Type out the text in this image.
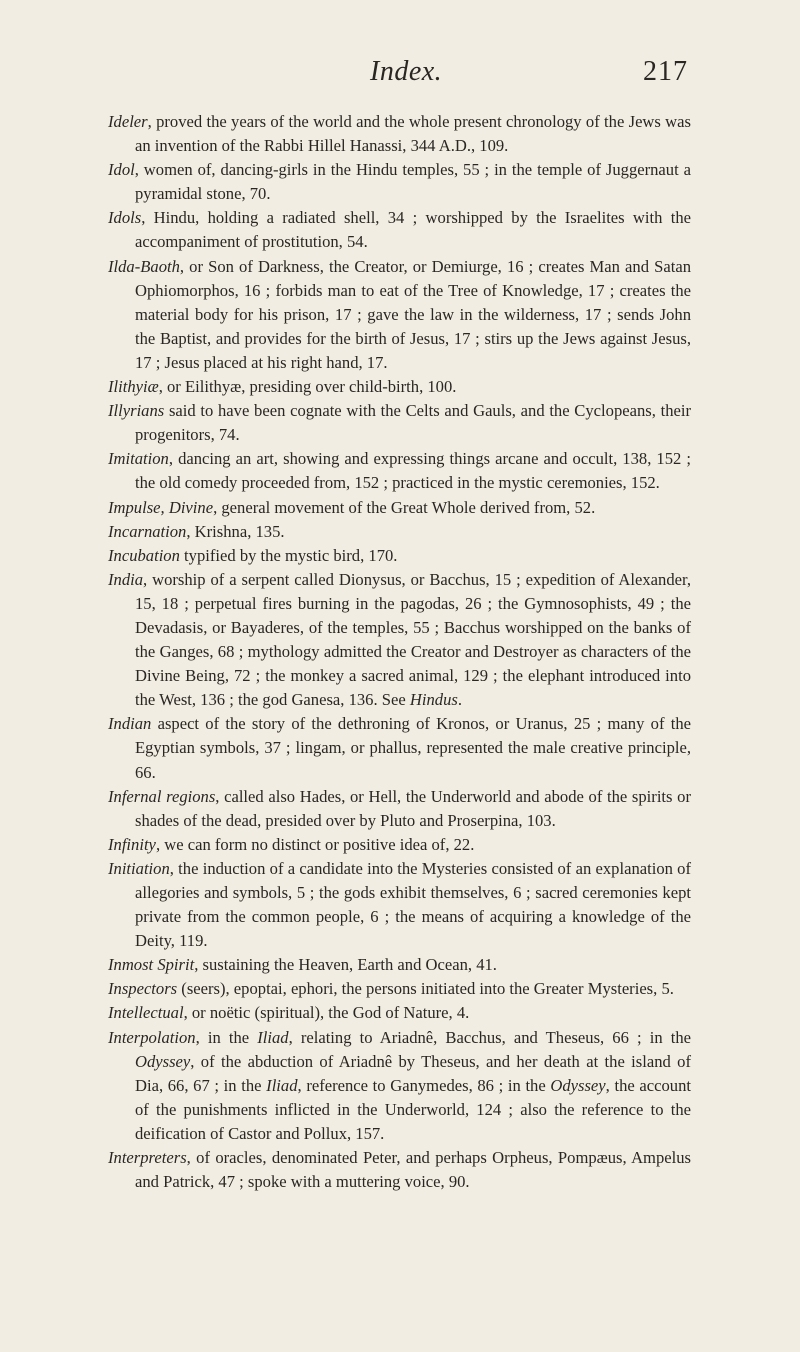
Index.	217

Ideler, proved the years of the world and the whole present chronology of the Jews was an invention of the Rabbi Hillel Hanassi, 344 A.D., 109.

Idol, women of, dancing-girls in the Hindu temples, 55 ; in the temple of Juggernaut a pyramidal stone, 70.

Idols, Hindu, holding a radiated shell, 34 ; worshipped by the Israelites with the accompaniment of prostitution, 54.

Ilda-Baoth, or Son of Darkness, the Creator, or Demiurge, 16 ; creates Man and Satan Ophiomorphos, 16 ; forbids man to eat of the Tree of Knowledge, 17 ; creates the material body for his prison, 17 ; gave the law in the wilderness, 17 ; sends John the Baptist, and provides for the birth of Jesus, 17 ; stirs up the Jews against Jesus, 17 ; Jesus placed at his right hand, 17.

Ilithyiæ, or Eilithyæ, presiding over child-birth, 100.

Illyrians said to have been cognate with the Celts and Gauls, and the Cyclopeans, their progenitors, 74.

Imitation, dancing an art, showing and expressing things arcane and occult, 138, 152 ; the old comedy proceeded from, 152 ; practiced in the mystic ceremonies, 152.

Impulse, Divine, general movement of the Great Whole derived from, 52.

Incarnation, Krishna, 135.

Incubation typified by the mystic bird, 170.

India, worship of a serpent called Dionysus, or Bacchus, 15 ; expedition of Alexander, 15, 18 ; perpetual fires burning in the pagodas, 26 ; the Gymnosophists, 49 ; the Devadasis, or Bayaderes, of the temples, 55 ; Bacchus worshipped on the banks of the Ganges, 68 ; mythology admitted the Creator and Destroyer as characters of the Divine Being, 72 ; the monkey a sacred animal, 129 ; the elephant introduced into the West, 136 ; the god Ganesa, 136. See Hindus.

Indian aspect of the story of the dethroning of Kronos, or Uranus, 25 ; many of the Egyptian symbols, 37 ; lingam, or phallus, represented the male creative principle, 66.

Infernal regions, called also Hades, or Hell, the Underworld and abode of the spirits or shades of the dead, presided over by Pluto and Proserpina, 103.

Infinity, we can form no distinct or positive idea of, 22.

Initiation, the induction of a candidate into the Mysteries consisted of an explanation of allegories and symbols, 5 ; the gods exhibit themselves, 6 ; sacred ceremonies kept private from the common people, 6 ; the means of acquiring a knowledge of the Deity, 119.

Inmost Spirit, sustaining the Heaven, Earth and Ocean, 41.

Inspectors (seers), epoptai, ephori, the persons initiated into the Greater Mysteries, 5.

Intellectual, or noëtic (spiritual), the God of Nature, 4.

Interpolation, in the Iliad, relating to Ariadnê, Bacchus, and Theseus, 66 ; in the Odyssey, of the abduction of Ariadnê by Theseus, and her death at the island of Dia, 66, 67 ; in the Iliad, reference to Ganymedes, 86 ; in the Odyssey, the account of the punishments inflicted in the Underworld, 124 ; also the reference to the deification of Castor and Pollux, 157.

Interpreters, of oracles, denominated Peter, and perhaps Orpheus, Pompæus, Ampelus and Patrick, 47 ; spoke with a muttering voice, 90.
